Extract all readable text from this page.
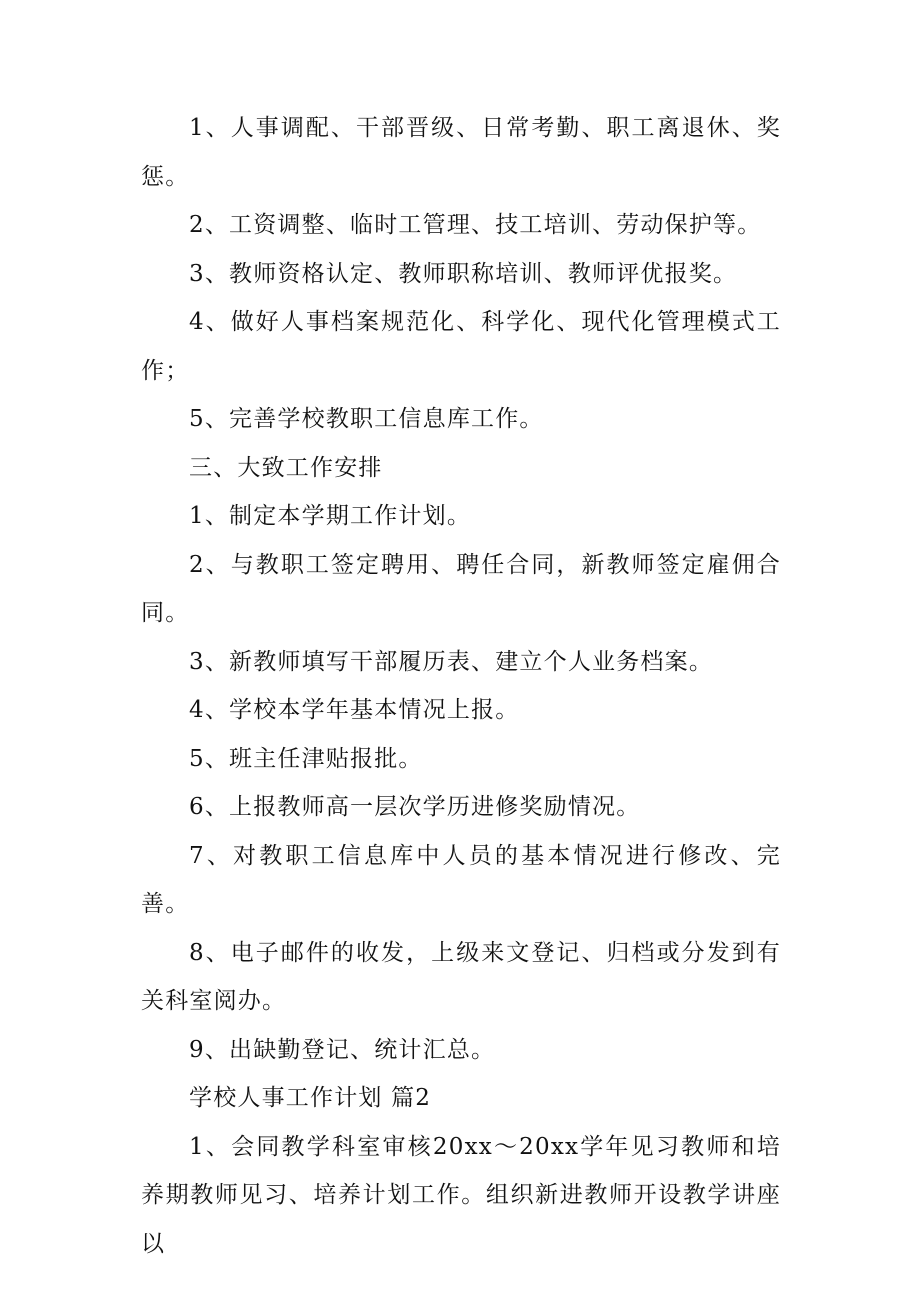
1、人事调配、干部晋级、日常考勤、职工离退休、奖惩。

2、工资调整、临时工管理、技工培训、劳动保护等。

3、教师资格认定、教师职称培训、教师评优报奖。

4、做好人事档案规范化、科学化、现代化管理模式工作；

5、完善学校教职工信息库工作。

三、大致工作安排

1、制定本学期工作计划。

2、与教职工签定聘用、聘任合同，新教师签定雇佣合同。

3、新教师填写干部履历表、建立个人业务档案。

4、学校本学年基本情况上报。

5、班主任津贴报批。

6、上报教师高一层次学历进修奖励情况。

7、对教职工信息库中人员的基本情况进行修改、完善。

8、电子邮件的收发，上级来文登记、归档或分发到有关科室阅办。

9、出缺勤登记、统计汇总。

学校人事工作计划 篇2

1、会同教学科室审核20xx～20xx学年见习教师和培养期教师见习、培养计划工作。组织新进教师开设教学讲座以
